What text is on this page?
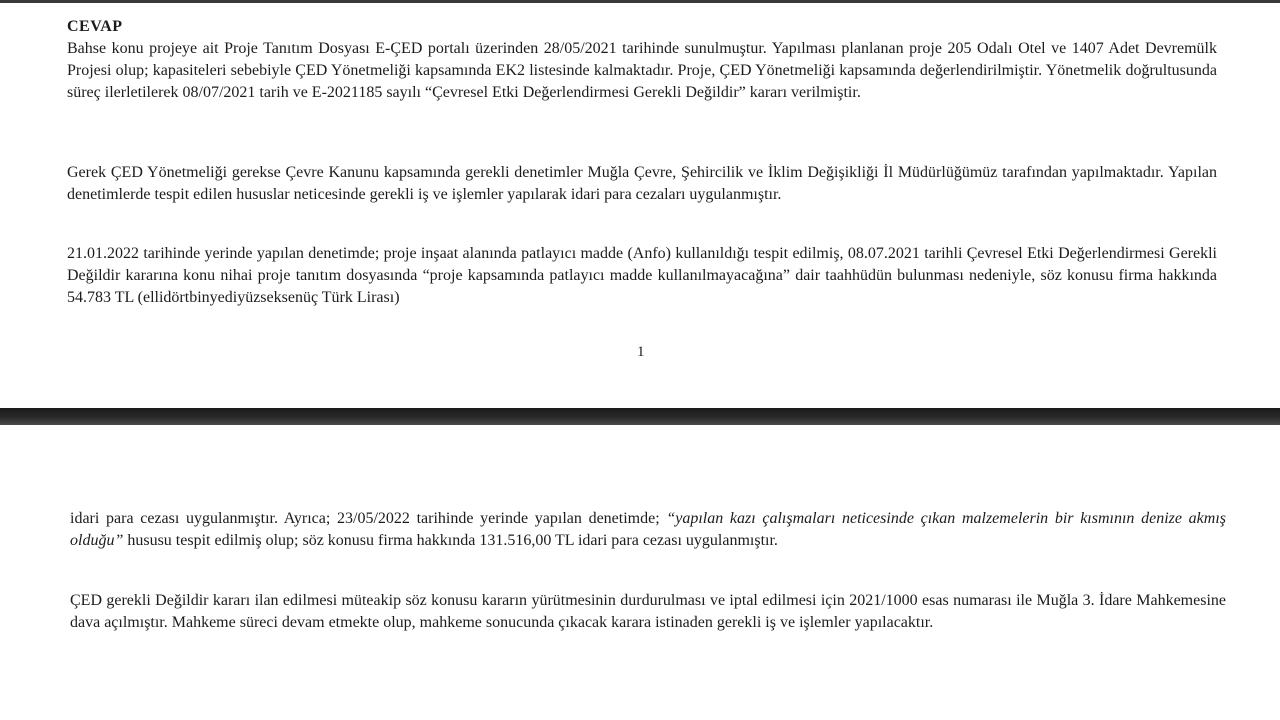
CEVAP

Bahse konu projeye ait Proje Tanıtım Dosyası E-ÇED portalı üzerinden 28/05/2021 tarihinde sunulmuştur. Yapılması planlanan proje 205 Odalı Otel ve 1407 Adet Devremülk Projesi olup; kapasiteleri sebebiyle ÇED Yönetmeliği kapsamında EK2 listesinde kalmaktadır. Proje, ÇED Yönetmeliği kapsamında değerlendirilmiştir. Yönetmelik doğrultusunda süreç ilerletilerek 08/07/2021 tarih ve E-2021185 sayılı “Çevresel Etki Değerlendirmesi Gerekli Değildir” kararı verilmiştir.

Gerek ÇED Yönetmeliği gerekse Çevre Kanunu kapsamında gerekli denetimler Muğla Çevre, Şehircilik ve İklim Değişikliği İl Müdürlüğümüz tarafından yapılmaktadır. Yapılan denetimlerde tespit edilen hususlar neticesinde gerekli iş ve işlemler yapılarak idari para cezaları uygulanmıştır.

21.01.2022 tarihinde yerinde yapılan denetimde; proje inşaat alanında patlayıcı madde (Anfo) kullanıldığı tespit edilmiş, 08.07.2021 tarihli Çevresel Etki Değerlendirmesi Gerekli Değildir kararına konu nihai proje tanıtım dosyasında “proje kapsamında patlayıcı madde kullanılmayacağına” dair taahhüdün bulunması nedeniyle, söz konusu firma hakkında 54.783 TL (ellidörtbinyediyüzseksenüç Türk Lirası)

1

idari para cezası uygulanmıştır. Ayrıca; 23/05/2022 tarihinde yerinde yapılan denetimde; “yapılan kazı çalışmaları neticesinde çıkan malzemelerin bir kısmının denize akmış olduğu” hususu tespit edilmiş olup; söz konusu firma hakkında 131.516,00 TL idari para cezası uygulanmıştır.

ÇED gerekli Değildir kararı ilan edilmesi müteakip söz konusu kararın yürütmesinin durdurulması ve iptal edilmesi için 2021/1000 esas numarası ile Muğla 3. İdare Mahkemesine dava açılmıştır. Mahkeme süreci devam etmekte olup, mahkeme sonucunda çıkacak karara istinaden gerekli iş ve işlemler yapılacaktır.
